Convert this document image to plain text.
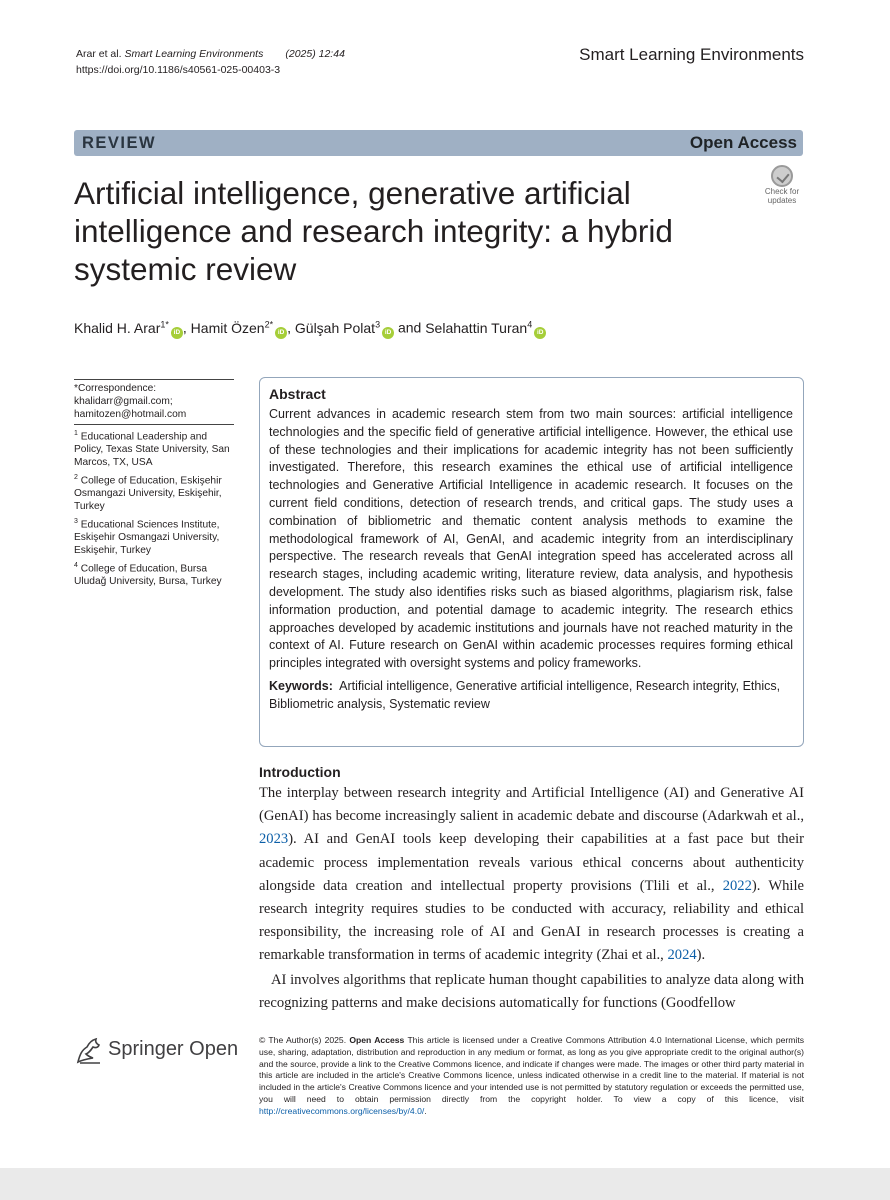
Arar et al. Smart Learning Environments (2025) 12:44
https://doi.org/10.1186/s40561-025-00403-3
Smart Learning Environments
REVIEW	Open Access
Artificial intelligence, generative artificial intelligence and research integrity: a hybrid systemic review
Check for
updates
Khalid H. Arar$^{1*}$iD , Hamit Özen$^{2*}$iD , Gülşah Polat$^3$iD and Selahattin Turan$^4$iD
*Correspondence:
khalidarr@gmail.com;
hamitozen@hotmail.com
$^1$ Educational Leadership and Policy, Texas State University, San Marcos, TX, USA
$^2$ College of Education, Eskişehir Osmangazi University, Eskişehir, Turkey
$^3$ Educational Sciences Institute, Eskişehir Osmangazi University, Eskişehir, Turkey
$^4$ College of Education, Bursa Uludağ University, Bursa, Turkey
Abstract

Current advances in academic research stem from two main sources: artificial intelligence technologies and the specific field of generative artificial intelligence. However, the ethical use of these technologies and their implications for academic integrity has not been sufficiently investigated. Therefore, this research examines the ethical use of artificial intelligence technologies and Generative Artificial Intelligence in academic research. It focuses on the current field conditions, detection of research trends, and critical gaps. The study uses a combination of bibliometric and thematic content analysis methods to examine the methodological framework of AI, GenAI, and academic integrity from an interdisciplinary perspective. The research reveals that GenAI integration speed has accelerated across all research stages, including academic writing, literature review, data analysis, and hypothesis development. The study also identifies risks such as biased algorithms, plagiarism risk, false information production, and potential damage to academic integrity. The research ethics approaches developed by academic institutions and journals have not reached maturity in the context of AI. Future research on GenAI within academic processes requires forming ethical principles integrated with oversight systems and policy frameworks.

Keywords: Artificial intelligence, Generative artificial intelligence, Research integrity, Ethics, Bibliometric analysis, Systematic review
Introduction

The interplay between research integrity and Artificial Intelligence (AI) and Generative AI (GenAI) has become increasingly salient in academic debate and discourse (Adarkwah et al., 2023). AI and GenAI tools keep developing their capabilities at a fast pace but their academic process implementation reveals various ethical concerns about authenticity alongside data creation and intellectual property provisions (Tlili et al., 2022). While research integrity requires studies to be conducted with accuracy, reliability and ethical responsibility, the increasing role of AI and GenAI in research processes is creating a remarkable transformation in terms of academic integrity (Zhai et al., 2024).

AI involves algorithms that replicate human thought capabilities to analyze data along with recognizing patterns and make decisions automatically for functions (Goodfellow

Springer Open © The Author(s) 2025. Open Access This article is licensed under a Creative Commons Attribution 4.0 International License, which permits use, sharing, adaptation, distribution and reproduction in any medium or format, as long as you give appropriate credit to the original author(s) and the source, provide a link to the Creative Commons licence, and indicate if changes were made. The images or other third party material in this article are included in the article's Creative Commons licence, unless indicated otherwise in a credit line to the material. If material is not included in the article's Creative Commons licence and your intended use is not permitted by statutory regulation or exceeds the permitted use, you will need to obtain permission directly from the copyright holder. To view a copy of this licence, visit http://creativecommons.org/licenses/by/4.0/.
